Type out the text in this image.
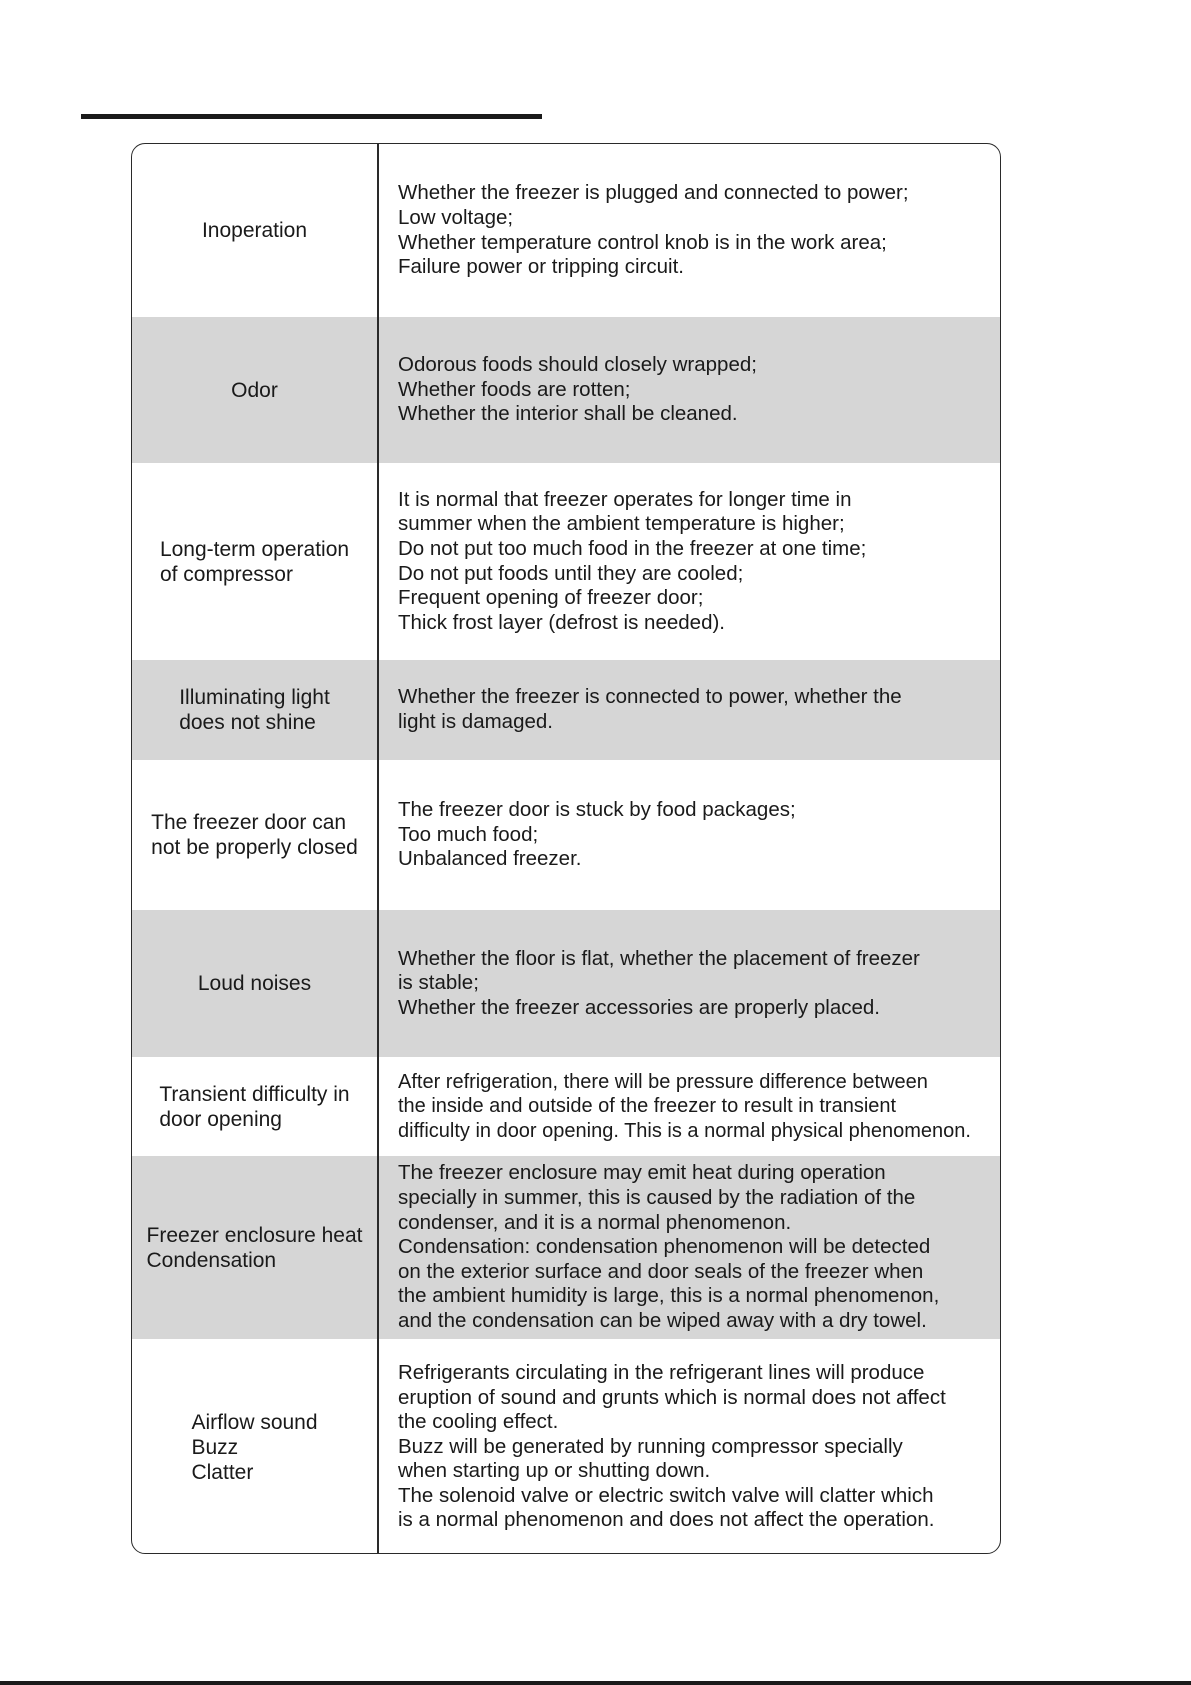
Inoperation
Whether the freezer is plugged and connected to power;
Low voltage;
Whether temperature control knob is in the work area;
Failure power or tripping circuit.
Odor
Odorous foods should closely wrapped;
Whether foods are rotten;
Whether the interior shall be cleaned.
Long-term operation
of compressor
It is normal that freezer operates for longer time in
summer when the ambient temperature is higher;
Do not put too much food in the freezer at one time;
Do not put foods until they are cooled;
Frequent opening of freezer door;
Thick frost layer (defrost is needed).
Illuminating light
does not shine
Whether the freezer is connected to power, whether the
light is damaged.
The freezer door can
not be properly closed
The freezer door is stuck by food packages;
Too much food;
Unbalanced freezer.
Loud noises
Whether the floor is flat, whether the placement of freezer
is stable;
Whether the freezer accessories are properly placed.
Transient difficulty in
door opening
After refrigeration, there will be pressure difference between
the inside and outside of the freezer to result in transient
difficulty in door opening. This is a normal physical phenomenon.
Freezer enclosure heat
Condensation
The freezer enclosure may emit heat during operation
specially in summer, this is caused by the radiation of the
condenser, and it is a normal phenomenon.
Condensation: condensation phenomenon will be detected
on the exterior surface and door seals of the freezer when
the ambient humidity is large, this is a normal phenomenon,
and the condensation can be wiped away with a dry towel.
Airflow sound
Buzz
Clatter
Refrigerants circulating in the refrigerant lines will produce
eruption of sound and grunts which is normal does not affect
the cooling effect.
Buzz will be generated by running compressor specially
when starting up or shutting down.
The solenoid valve or electric switch valve will clatter which
is a normal phenomenon and does not affect the operation.
